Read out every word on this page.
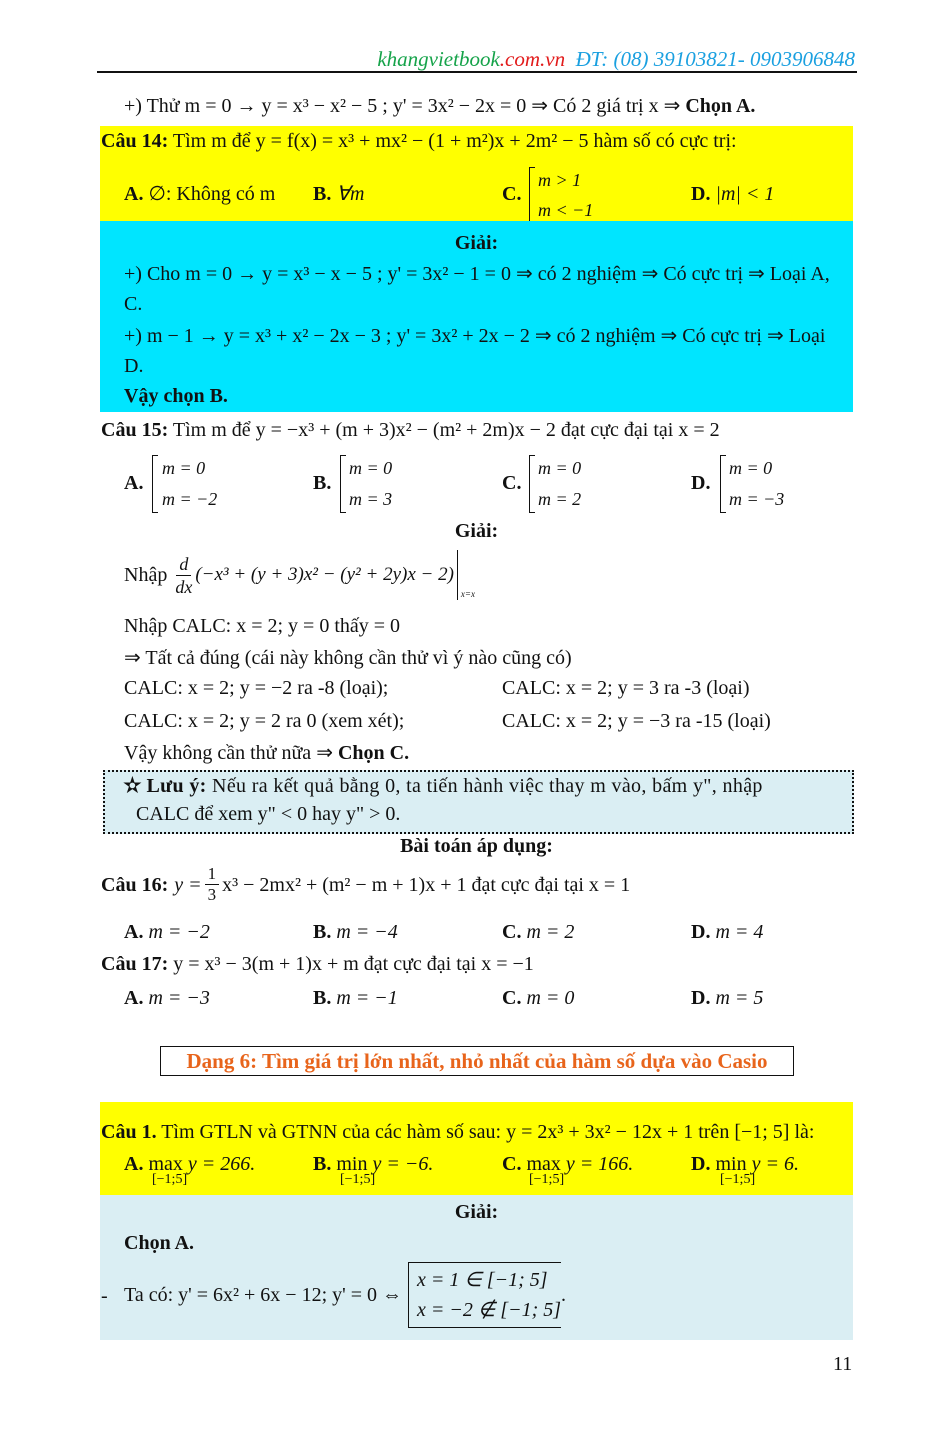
khangvietbook.com.vn ĐT: (08) 39103821- 0903906848
+) Thử m = 0 → y = x³ − x² − 5 ; y' = 3x² − 2x = 0 ⇒ Có 2 giá trị x ⇒ Chọn A.
Câu 14: Tìm m để y = f(x) = x³ + mx² − (1 + m²)x + 2m² − 5 hàm số có cực trị:
A. ∅: Không có m B. ∀m	C.
m > 1
m < −1
D. |m| < 1
Giải:
+) Cho m = 0 → y = x³ − x − 5 ; y' = 3x² − 1 = 0 ⇒ có 2 nghiệm ⇒ Có cực trị ⇒ Loại A,
C.
+) m − 1 → y = x³ + x² − 2x − 3 ; y' = 3x² + 2x − 2 ⇒ có 2 nghiệm ⇒ Có cực trị ⇒ Loại
D.
Vậy chọn B.
Câu 15: Tìm m để y = −x³ + (m + 3)x² − (m² + 2m)x − 2 đạt cực đại tại x = 2
A.
m = 0
m = −2
B.
m = 0
m = 3
C.
m = 0
m = 2
D.
m = 0
m = −3
Giải:
Nhập $\frac{d}{dx} (-x^3 + (y + 3)x^2 - (y^2 + 2y)x - 2)$
x=x
Nhập CALC: x = 2; y = 0 thấy = 0
⇒ Tất cả đúng (cái này không cần thử vì ý nào cũng có)
CALC: x = 2; y = −2 ra -8 (loại);	CALC: x = 2; y = 3 ra -3 (loại)
CALC: x = 2; y = 2 ra 0 (xem xét);	CALC: x = 2; y = −3 ra -15 (loại)
Vậy không cần thử nữa ⇒ Chọn C.
✫ Lưu ý: Nếu ra kết quả bằng 0, ta tiến hành việc thay m vào, bấm y", nhập
CALC để xem y" < 0 hay y" > 0.
Bài toán áp dụng:
Câu 16: $y = \frac{1}{3} x^3 - 2mx^2 + (m^2 - m + 1)x + 1$ đạt cực đại tại x = 1
A. m = −2	B. m = −4	C. m = 2	D. m = 4
Câu 17: y = x³ − 3(m + 1)x + m đạt cực đại tại x = −1
A. m = −3	B. m = −1	C. m = 0	D. m = 5
Dạng 6: Tìm giá trị lớn nhất, nhỏ nhất của hàm số dựa vào Casio
Câu 1. Tìm GTLN và GTNN của các hàm số sau: y = 2x³ + 3x² − 12x + 1 trên [−1; 5] là:
A. max y = 266.
[−1;5]
B. min y = −6.
[−1;5]
C. max y = 166.
[−1;5]
D. min y = 6.
[−1;5]
Giải:
Chọn A.
- Ta có: y' = 6x² + 6x − 12; y' = 0 ⇔
x = 1 ∈ [−1; 5]
x = −2 ∉ [−1; 5]
.
11
